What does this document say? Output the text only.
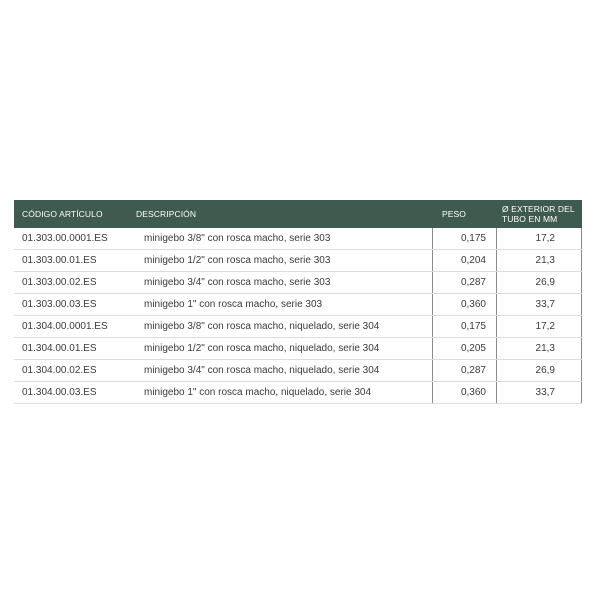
CÓDIGO ARTÍCULO	DESCRIPCIÓN	PESO	Ø EXTERIOR DEL
TUBO EN MM
01.303.00.0001.ES	minigebo 3/8" con rosca macho, serie 303	0,175	17,2
01.303.00.01.ES	minigebo 1/2" con rosca macho, serie 303	0,204	21,3
01.303.00.02.ES	minigebo 3/4" con rosca macho, serie 303	0,287	26,9
01.303.00.03.ES	minigebo 1" con rosca macho, serie 303	0,360	33,7
01.304.00.0001.ES	minigebo 3/8" con rosca macho, niquelado, serie 304	0,175	17,2
01.304.00.01.ES	minigebo 1/2" con rosca macho, niquelado, serie 304	0,205	21,3
01.304.00.02.ES	minigebo 3/4" con rosca macho, niquelado, serie 304	0,287	26,9
01.304.00.03.ES	minigebo 1" con rosca macho, niquelado, serie 304	0,360	33,7
